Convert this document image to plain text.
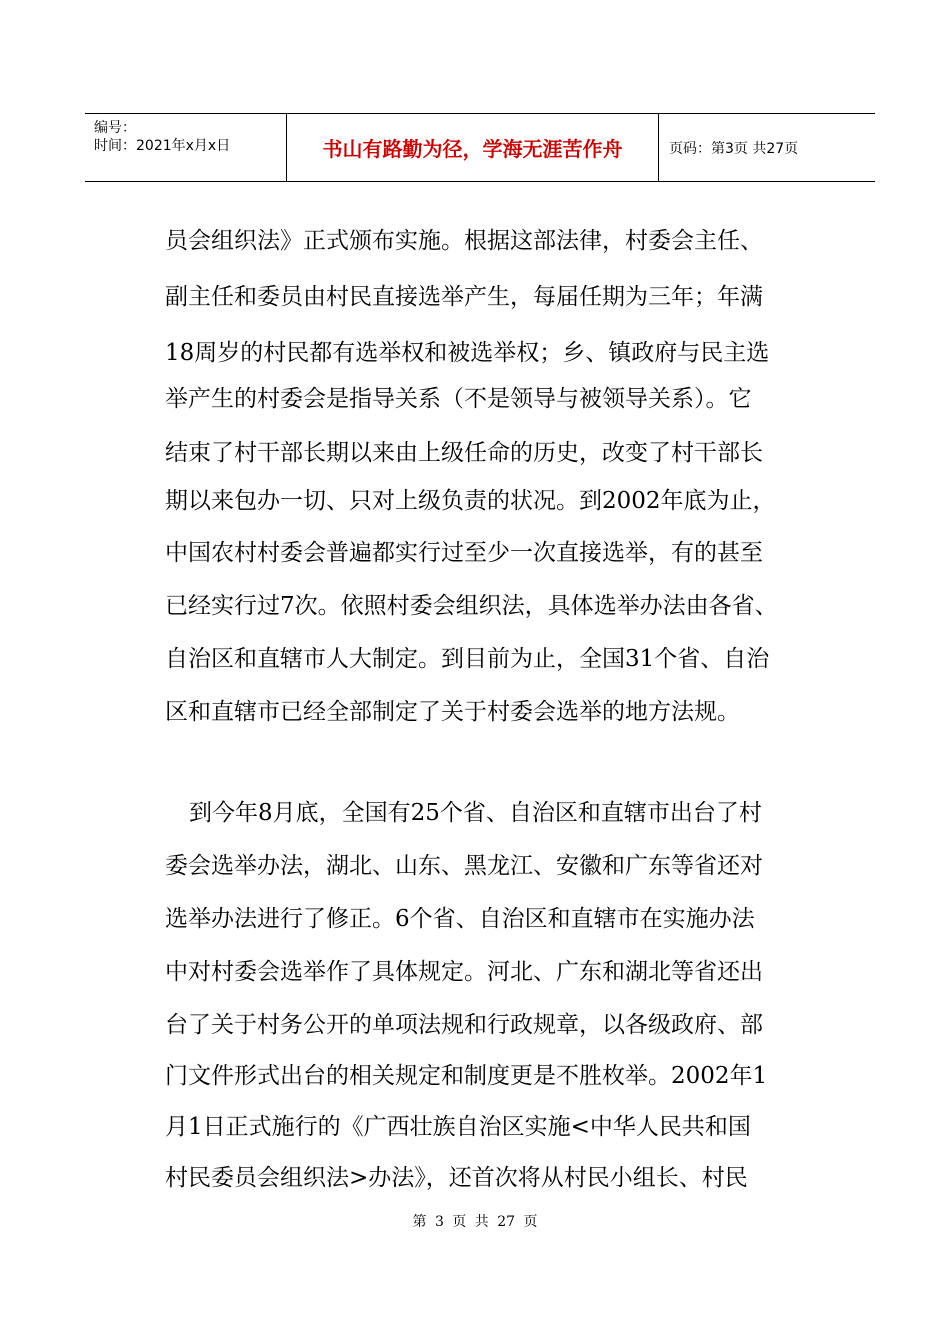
编号：
时间：2021年x月x日	书山有路勤为径，学海无涯苦作舟	页码：第3页 共27页
员会组织法》正式颁布实施。根据这部法律，村委会主任、
副主任和委员由村民直接选举产生，每届任期为三年；年满
18周岁的村民都有选举权和被选举权；乡、镇政府与民主选
举产生的村委会是指导关系（不是领导与被领导关系）。它
结束了村干部长期以来由上级任命的历史，改变了村干部长
期以来包办一切、只对上级负责的状况。到2002年底为止，
中国农村村委会普遍都实行过至少一次直接选举，有的甚至
已经实行过7次。依照村委会组织法，具体选举办法由各省、
自治区和直辖市人大制定。到目前为止，全国31个省、自治
区和直辖市已经全部制定了关于村委会选举的地方法规。
到今年8月底，全国有25个省、自治区和直辖市出台了村
委会选举办法，湖北、山东、黑龙江、安徽和广东等省还对
选举办法进行了修正。6个省、自治区和直辖市在实施办法
中对村委会选举作了具体规定。河北、广东和湖北等省还出
台了关于村务公开的单项法规和行政规章，以各级政府、部
门文件形式出台的相关规定和制度更是不胜枚举。2002年1
月1日正式施行的《广西壮族自治区实施<中华人民共和国
村民委员会组织法>办法》，还首次将从村民小组长、村民
第 3 页 共 27 页
